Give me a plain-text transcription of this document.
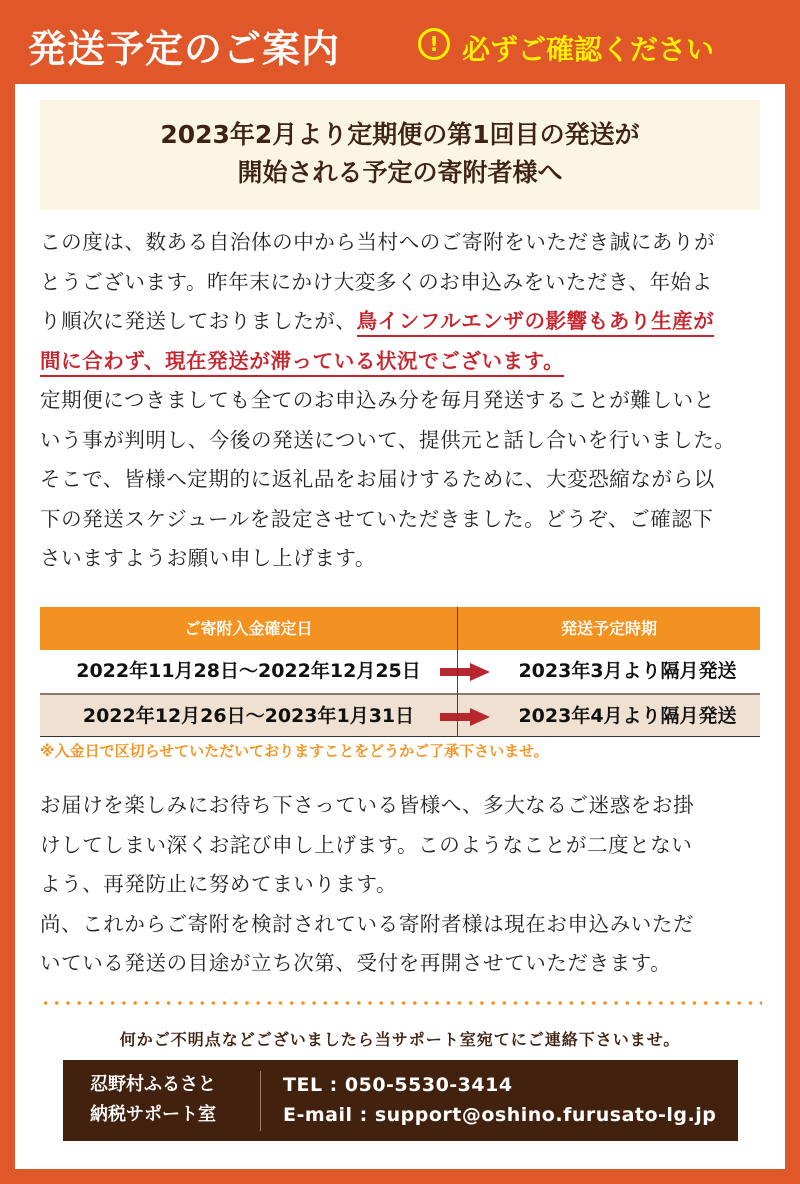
発送予定のご案内	! 必ずご確認ください
2023年2月より定期便の第1回目の発送が
開始される予定の寄附者様へ
この度は、数ある自治体の中から当村へのご寄附をいただき誠にありが
とうございます。昨年末にかけ大変多くのお申込みをいただき、年始よ
り順次に発送しておりましたが、鳥インフルエンザの影響もあり生産が
間に合わず、現在発送が滞っている状況でございます。
定期便につきましても全てのお申込み分を毎月発送することが難しいと
いう事が判明し、今後の発送について、提供元と話し合いを行いました。
そこで、皆様へ定期的に返礼品をお届けするために、大変恐縮ながら以
下の発送スケジュールを設定させていただきました。どうぞ、ご確認下
さいますようお願い申し上げます。
ご寄附入金確定日	発送予定時期
2022年11月28日～2022年12月25日	2023年3月より隔月発送
2022年12月26日～2023年1月31日	2023年4月より隔月発送
※入金日で区切らせていただいておりますことをどうかご了承下さいませ。
お届けを楽しみにお待ち下さっている皆様へ、多大なるご迷惑をお掛
けしてしまい深くお詫び申し上げます。このようなことが二度とない
よう、再発防止に努めてまいります。
尚、これからご寄附を検討されている寄附者様は現在お申込みいただ
いている発送の目途が立ち次第、受付を再開させていただきます。
何かご不明点などございましたら当サポート室宛てにご連絡下さいませ。
忍野村ふるさと
納税サポート室
TEL : 050-5530-3414
E-mail : support@oshino.furusato-lg.jp
